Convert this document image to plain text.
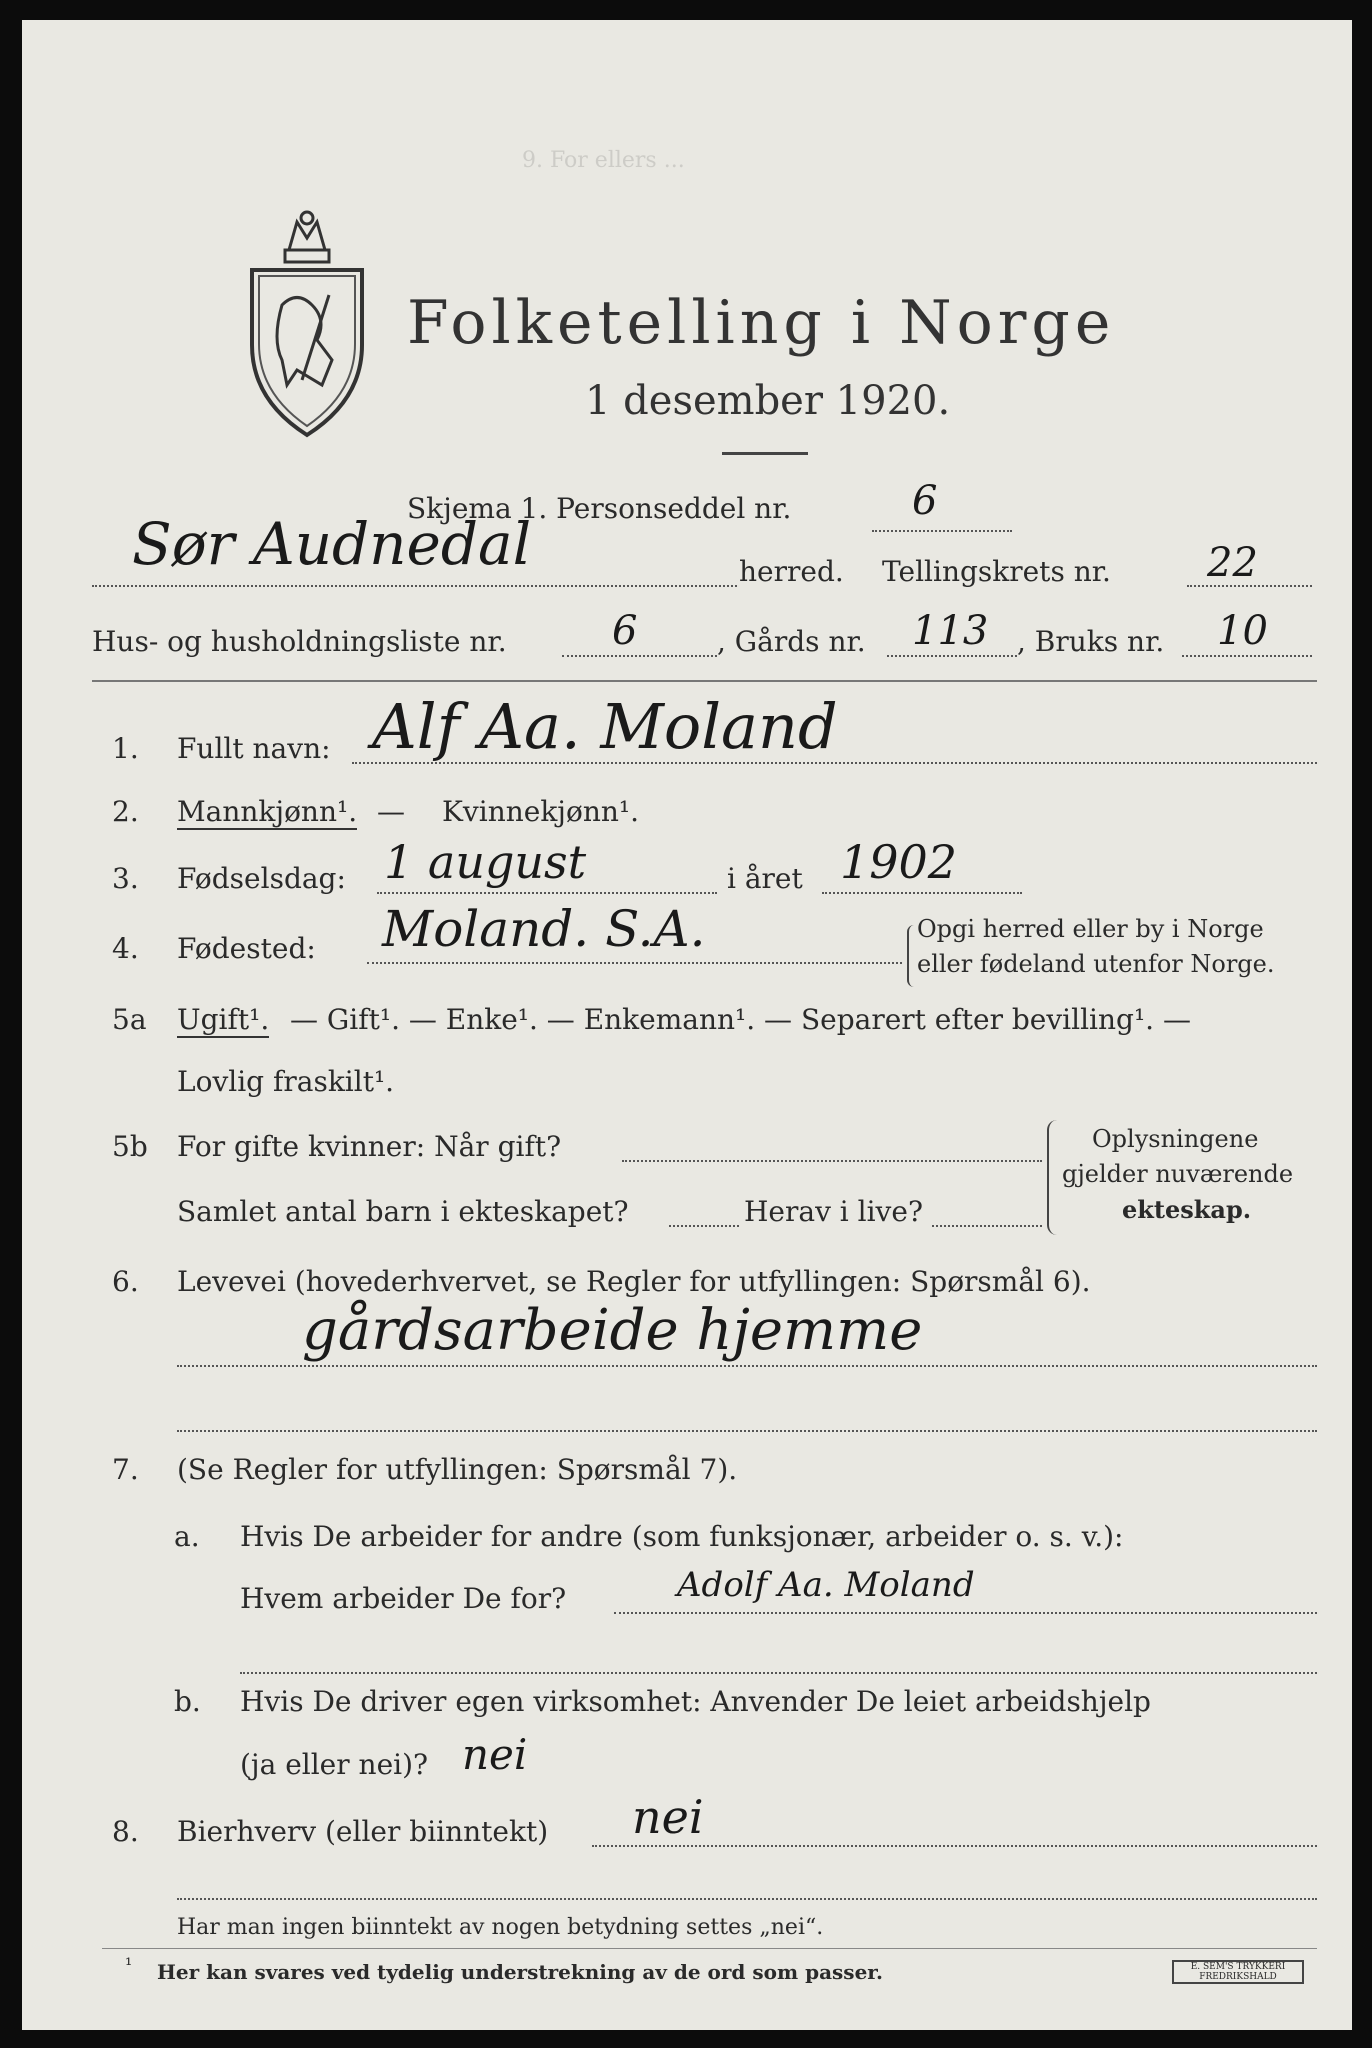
9. For ellers ...
Folketelling i Norge
1 desember 1920.
Skjema 1. Personseddel nr.	6
Sør Audnedal	herred. Tellingskrets nr. 22
Hus- og husholdningsliste nr.	6	, Gårds nr. 113 , Bruks nr. 10
1. Fullt navn: Alf Aa. Moland
2. Mannkjønn¹. — Kvinnekjønn¹.
3. Fødselsdag: 1 august	i året 1902
4. Fødested: Moland. S.A.	Opgi herred eller by i Norge
eller fødeland utenfor Norge.
5a Ugift¹. — Gift¹. — Enke¹. — Enkemann¹. — Separert efter bevilling¹. —
Lovlig fraskilt¹.
5b For gifte kvinner: Når gift?
Samlet antal barn i ekteskapet?	Herav i live?
Oplysningene
gjelder nuværende
ekteskap.
6. Levevei (hovederhvervet, se Regler for utfyllingen: Spørsmål 6).
gårdsarbeide hjemme
7. (Se Regler for utfyllingen: Spørsmål 7).
a. Hvis De arbeider for andre (som funksjonær, arbeider o. s. v.):
Hvem arbeider De for?	Adolf Aa. Moland
b. Hvis De driver egen virksomhet: Anvender De leiet arbeidshjelp
(ja eller nei)? nei
8. Bierhverv (eller biinntekt) nei
Har man ingen biinntekt av nogen betydning settes „nei“.
¹ Her kan svares ved tydelig understrekning av de ord som passer.	E. SEM'S TRYKKERI FREDRIKSHALD
